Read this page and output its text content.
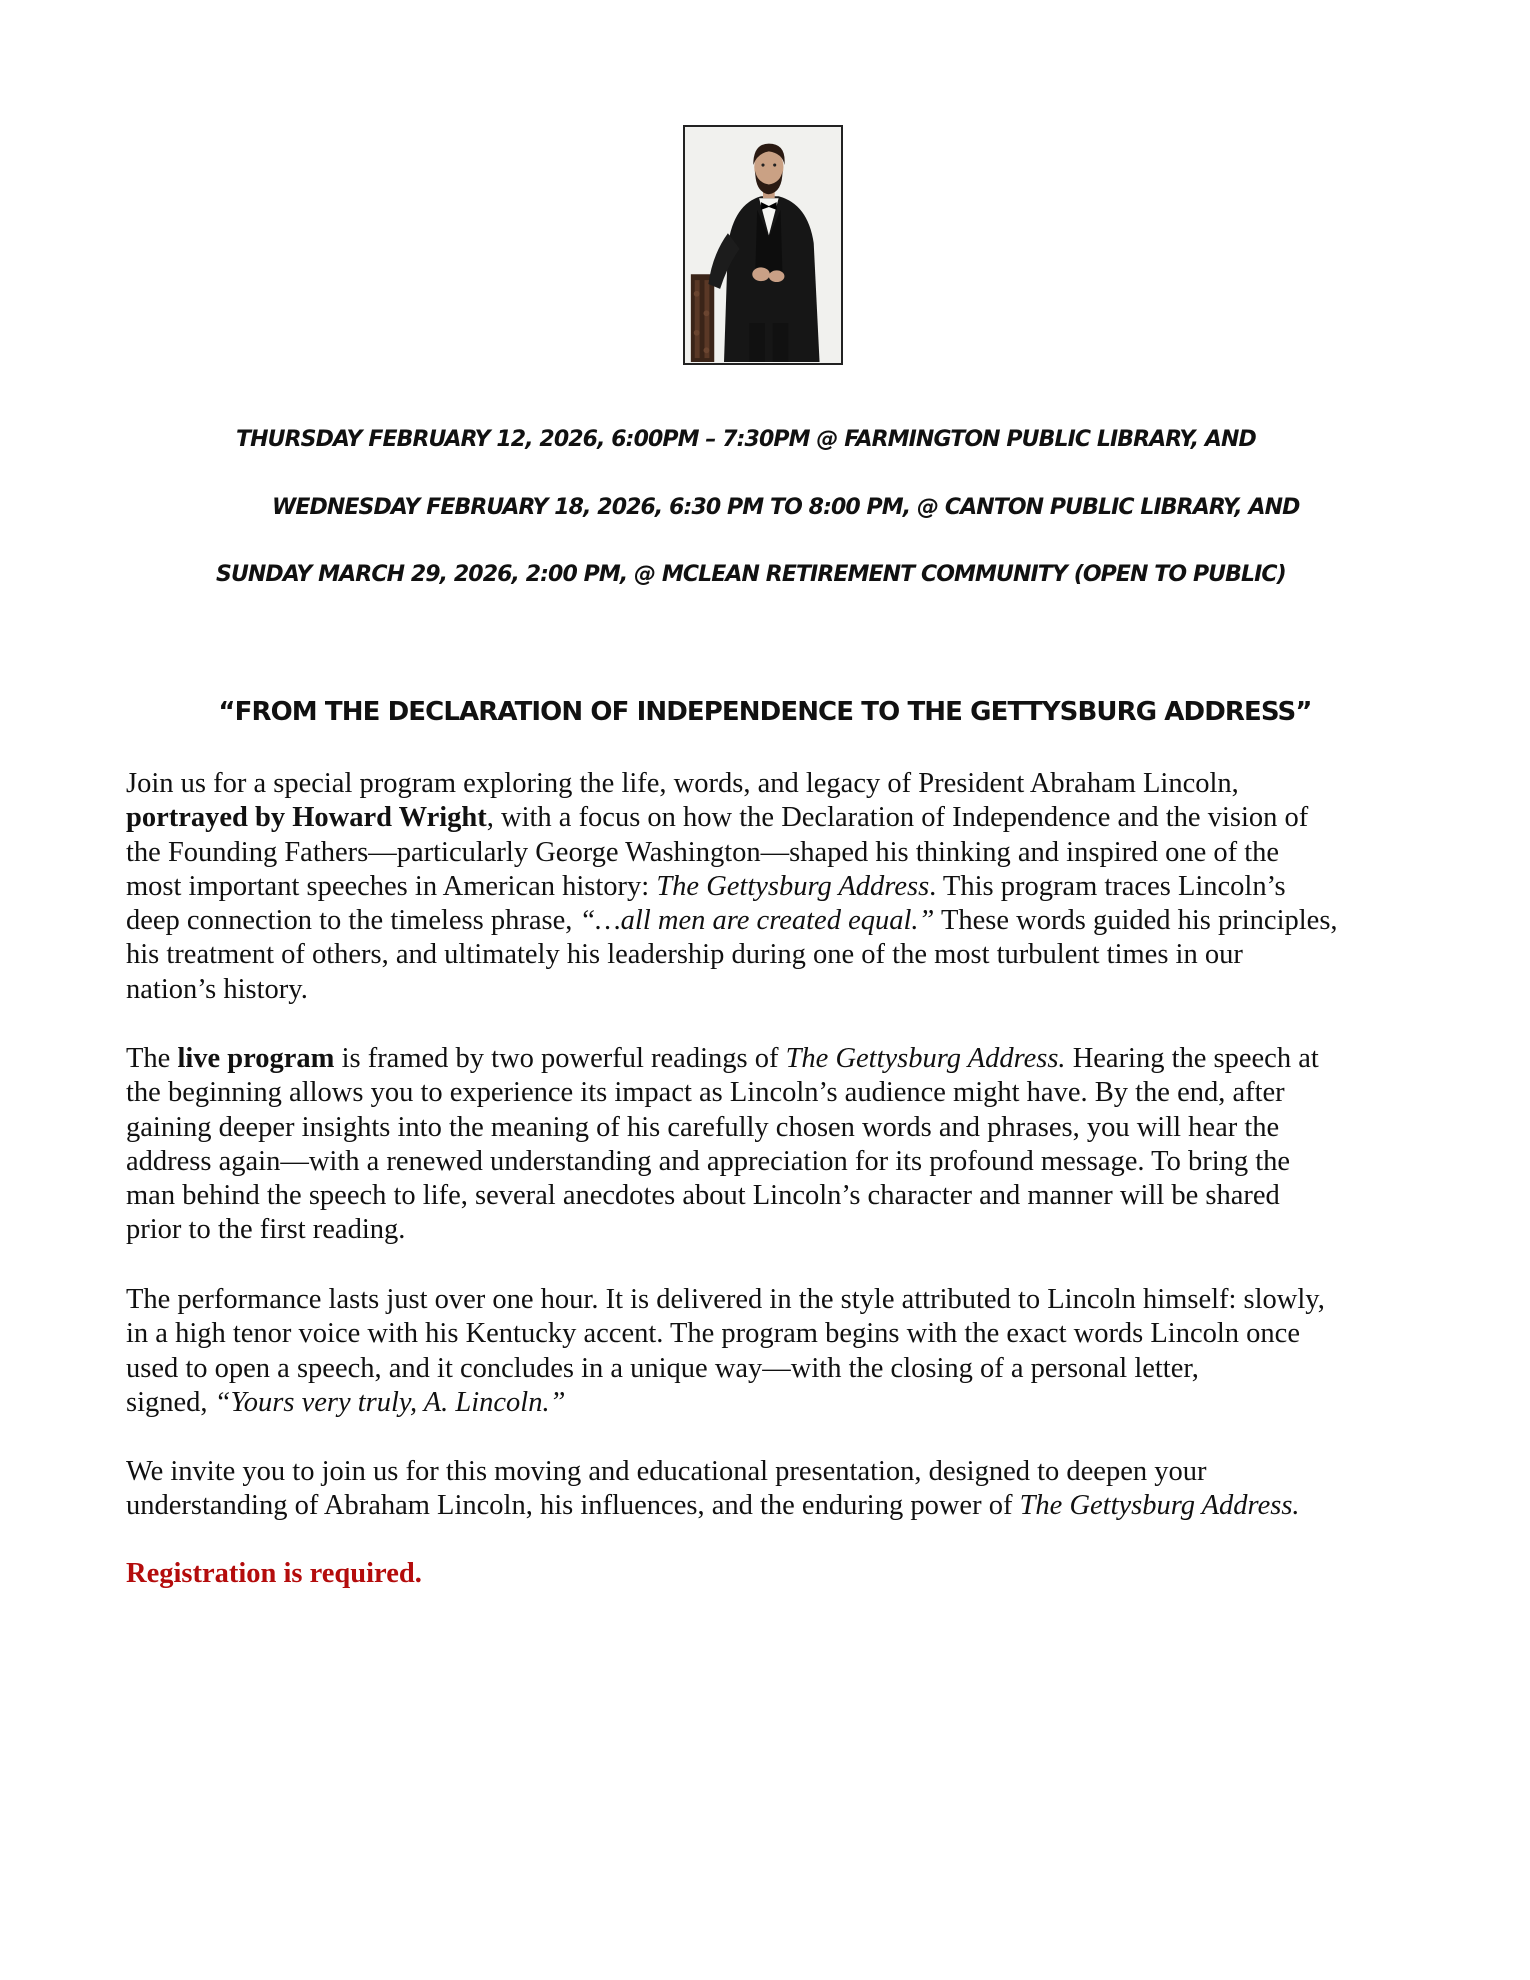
THURSDAY FEBRUARY 12, 2026, 6:00PM – 7:30PM @ FARMINGTON PUBLIC LIBRARY, AND
WEDNESDAY FEBRUARY 18, 2026, 6:30 PM TO 8:00 PM, @ CANTON PUBLIC LIBRARY, AND
SUNDAY MARCH 29, 2026, 2:00 PM, @ MCLEAN RETIREMENT COMMUNITY (OPEN TO PUBLIC)
“FROM THE DECLARATION OF INDEPENDENCE TO THE GETTYSBURG ADDRESS”
Join us for a special program exploring the life, words, and legacy of President Abraham Lincoln,
portrayed by Howard Wright, with a focus on how the Declaration of Independence and the vision of
the Founding Fathers—particularly George Washington—shaped his thinking and inspired one of the
most important speeches in American history: The Gettysburg Address. This program traces Lincoln’s
deep connection to the timeless phrase, “…all men are created equal.” These words guided his principles,
his treatment of others, and ultimately his leadership during one of the most turbulent times in our
nation’s history.
The live program is framed by two powerful readings of The Gettysburg Address. Hearing the speech at
the beginning allows you to experience its impact as Lincoln’s audience might have. By the end, after
gaining deeper insights into the meaning of his carefully chosen words and phrases, you will hear the
address again—with a renewed understanding and appreciation for its profound message. To bring the
man behind the speech to life, several anecdotes about Lincoln’s character and manner will be shared
prior to the first reading.
The performance lasts just over one hour. It is delivered in the style attributed to Lincoln himself: slowly,
in a high tenor voice with his Kentucky accent. The program begins with the exact words Lincoln once
used to open a speech, and it concludes in a unique way—with the closing of a personal letter,
signed, “Yours very truly, A. Lincoln.”
We invite you to join us for this moving and educational presentation, designed to deepen your
understanding of Abraham Lincoln, his influences, and the enduring power of The Gettysburg Address.

Registration is required.
